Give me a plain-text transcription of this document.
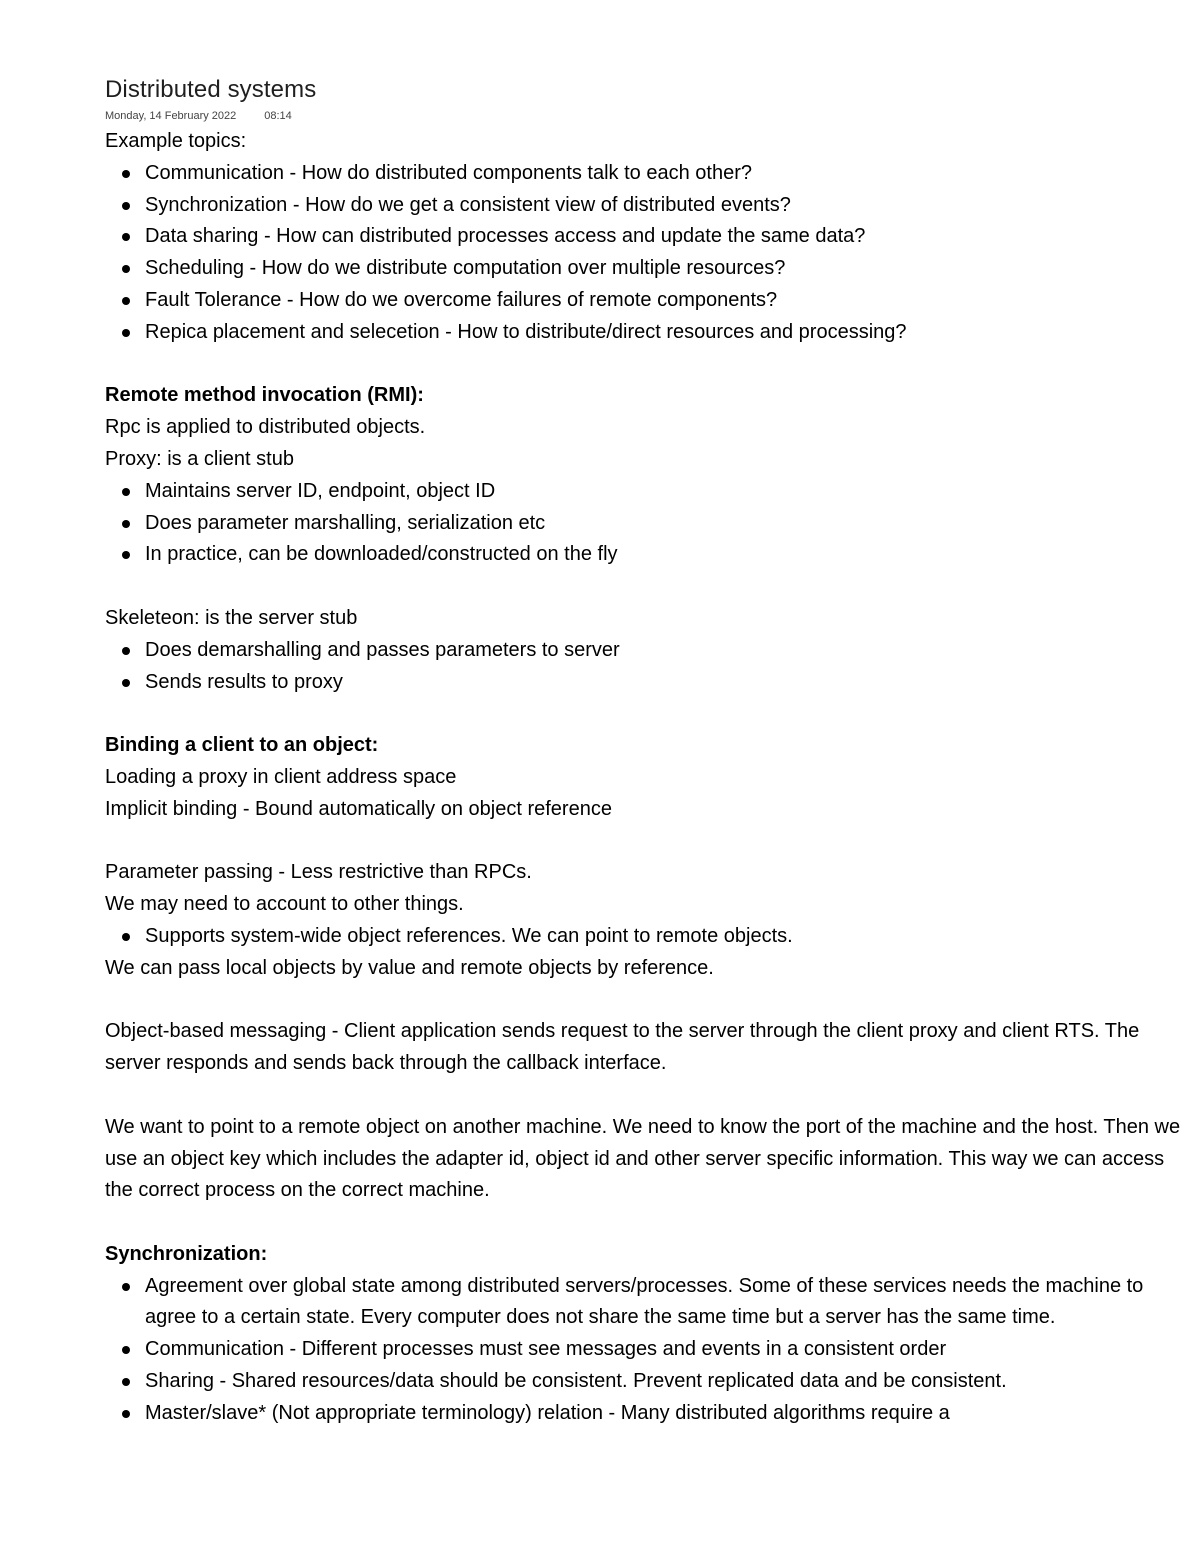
Distributed systems

Monday, 14 February 2022	08:14

Example topics:

Communication - How do distributed components talk to each other?
Synchronization - How do we get a consistent view of distributed events?
Data sharing - How can distributed processes access and update the same data?
Scheduling - How do we distribute computation over multiple resources?
Fault Tolerance - How do we overcome failures of remote components?
Repica placement and selecetion - How to distribute/direct resources and processing?

Remote method invocation (RMI):

Rpc is applied to distributed objects.

Proxy: is a client stub

Maintains server ID, endpoint, object ID
Does parameter marshalling, serialization etc
In practice, can be downloaded/constructed on the fly

Skeleteon: is the server stub

Does demarshalling and passes parameters to server
Sends results to proxy

Binding a client to an object:

Loading a proxy in client address space

Implicit binding - Bound automatically on object reference

Parameter passing - Less restrictive than RPCs.

We may need to account to other things.

Supports system-wide object references. We can point to remote objects.

We can pass local objects by value and remote objects by reference.

Object-based messaging - Client application sends request to the server through the client proxy and client RTS. The server responds and sends back through the callback interface.

We want to point to a remote object on another machine. We need to know the port of the machine and the host. Then we use an object key which includes the adapter id, object id and other server specific information. This way we can access the correct process on the correct machine.

Synchronization:

Agreement over global state among distributed servers/processes. Some of these services needs the machine to agree to a certain state. Every computer does not share the same time but a server has the same time.
Communication - Different processes must see messages and events in a consistent order
Sharing - Shared resources/data should be consistent. Prevent replicated data and be consistent.
Master/slave* (Not appropriate terminology) relation - Many distributed algorithms require a
